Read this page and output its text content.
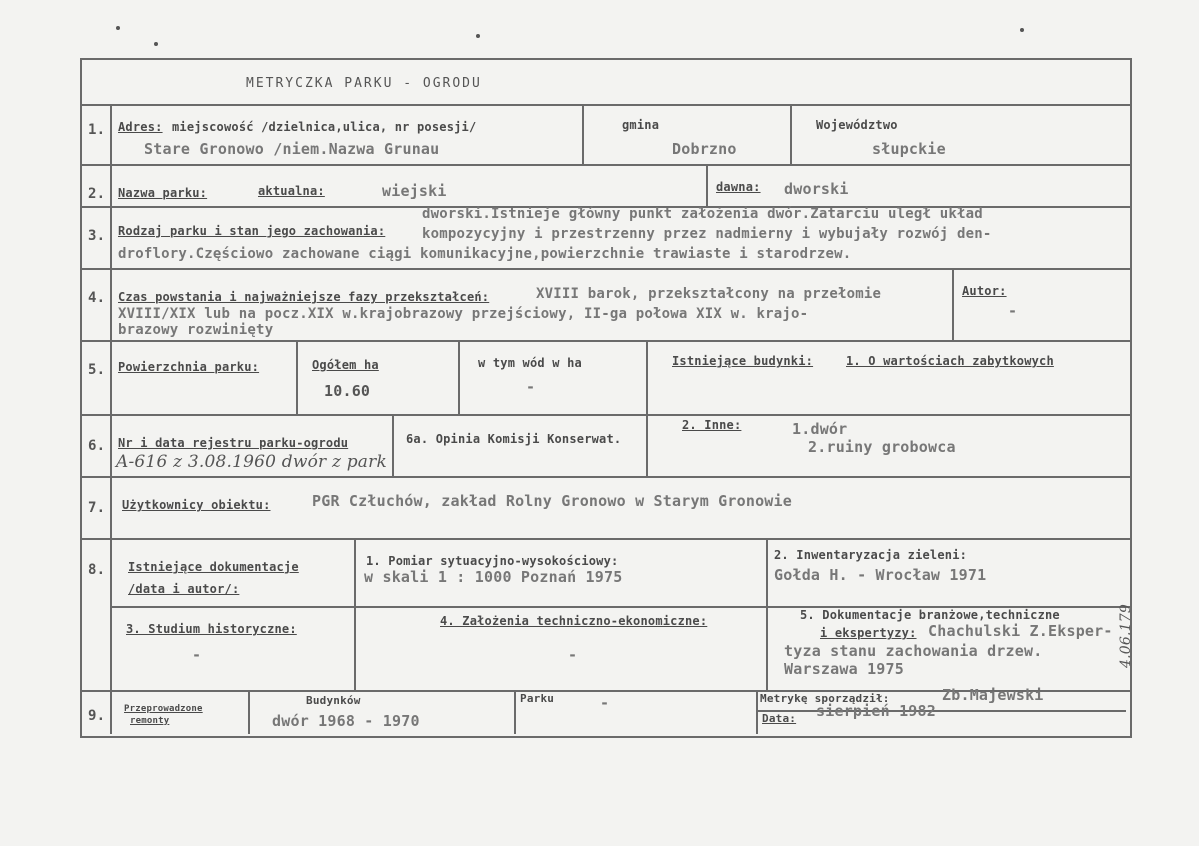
METRYCZKA PARKU - OGRODU
1. Adres: miejscowość /dzielnica,ulica, nr posesji/
Stare Gronowo /niem.Nazwa Grunau
gmina
Dobrzno
Województwo
słupckie
2. Nazwa parku:	aktualna:	wiejski	dawna: dworski
3. Rodzaj parku i stan jego zachowania:
dworski.Istnieje główny punkt założenia dwór.Zatarciu uległ układ
kompozycyjny i przestrzenny przez nadmierny i wybujały rozwój den-
droflory.Częściowo zachowane ciągi komunikacyjne,powierzchnie trawiaste i starodrzew.
4. Czas powstania i najważniejsze fazy przekształceń:	XVIII barok, przekształcony na przełomie
XVIII/XIX lub na pocz.XIX w.krajobrazowy przejściowy, II-ga połowa XIX w. krajo-
brazowy rozwinięty
Autor:
-
5. Powierzchnia parku:	Ogółem ha
10.60
w tym wód w ha
-
Istniejące budynki:	1. O wartościach zabytkowych
6. Nr i data rejestru parku-ogrodu
A-616 z 3.08.1960 dwór z park
6a. Opinia Komisji Konserwat.
2. Inne:	1.dwór
2.ruiny grobowca
7. Użytkownicy obiektu:	PGR Człuchów, zakład Rolny Gronowo w Starym Gronowie
8. Istniejące dokumentacje
/data i autor/:
1. Pomiar sytuacyjno-wysokościowy:
w skali 1 : 1000 Poznań 1975
2. Inwentaryzacja zieleni:
Gołda H. - Wrocław 1971
3. Studium historyczne:
-
4. Założenia techniczno-ekonomiczne:
-
5. Dokumentacje branżowe,techniczne
i ekspertyzy: Chachulski Z.Eksper-
tyza stanu zachowania drzew.
Warszawa 1975
9. Przeprowadzone
remonty
Budynków
dwór 1968 - 1970
Parku	-	Metrykę sporządził:	Zb.Majewski
Data: sierpień 1982
4.06.179
